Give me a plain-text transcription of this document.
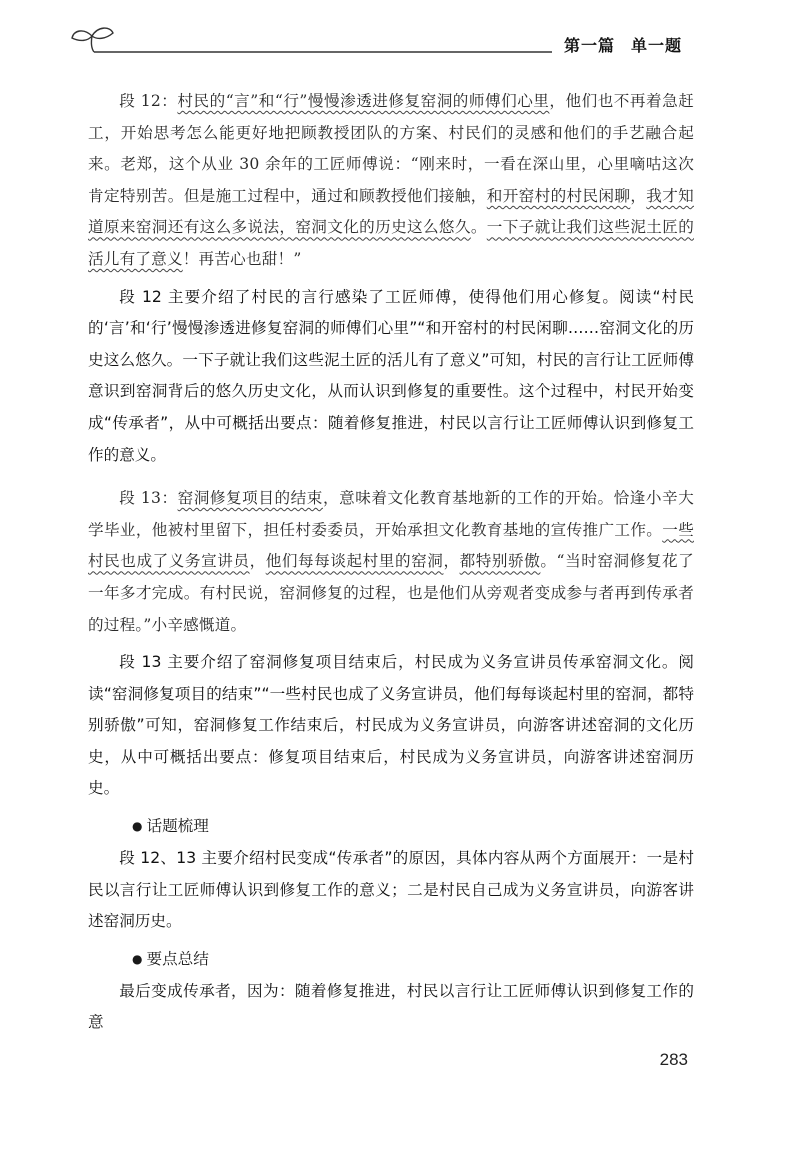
第一篇 单一题

段 12：村民的“言”和“行”慢慢渗透进修复窑洞的师傅们心里，他们也不再着急赶工，开始思考怎么能更好地把顾教授团队的方案、村民们的灵感和他们的手艺融合起来。老郑，这个从业 30 余年的工匠师傅说：“刚来时，一看在深山里，心里嘀咕这次肯定特别苦。但是施工过程中，通过和顾教授他们接触，和开窑村的村民闲聊，我才知道原来窑洞还有这么多说法，窑洞文化的历史这么悠久。一下子就让我们这些泥土匠的活儿有了意义！再苦心也甜！”

段 12 主要介绍了村民的言行感染了工匠师傅，使得他们用心修复。阅读“村民的‘言’和‘行’慢慢渗透进修复窑洞的师傅们心里”“和开窑村的村民闲聊……窑洞文化的历史这么悠久。一下子就让我们这些泥土匠的活儿有了意义”可知，村民的言行让工匠师傅意识到窑洞背后的悠久历史文化，从而认识到修复的重要性。这个过程中，村民开始变成“传承者”，从中可概括出要点：随着修复推进，村民以言行让工匠师傅认识到修复工作的意义。

段 13：窑洞修复项目的结束，意味着文化教育基地新的工作的开始。恰逢小辛大学毕业，他被村里留下，担任村委委员，开始承担文化教育基地的宣传推广工作。一些村民也成了义务宣讲员，他们每每谈起村里的窑洞，都特别骄傲。“当时窑洞修复花了一年多才完成。有村民说，窑洞修复的过程，也是他们从旁观者变成参与者再到传承者的过程。”小辛感慨道。

段 13 主要介绍了窑洞修复项目结束后，村民成为义务宣讲员传承窑洞文化。阅读“窑洞修复项目的结束”“一些村民也成了义务宣讲员，他们每每谈起村里的窑洞，都特别骄傲”可知，窑洞修复工作结束后，村民成为义务宣讲员，向游客讲述窑洞的文化历史，从中可概括出要点：修复项目结束后，村民成为义务宣讲员，向游客讲述窑洞历史。

● 话题梳理

段 12、13 主要介绍村民变成“传承者”的原因，具体内容从两个方面展开：一是村民以言行让工匠师傅认识到修复工作的意义；二是村民自己成为义务宣讲员，向游客讲述窑洞历史。

● 要点总结

最后变成传承者，因为：随着修复推进，村民以言行让工匠师傅认识到修复工作的意

283
